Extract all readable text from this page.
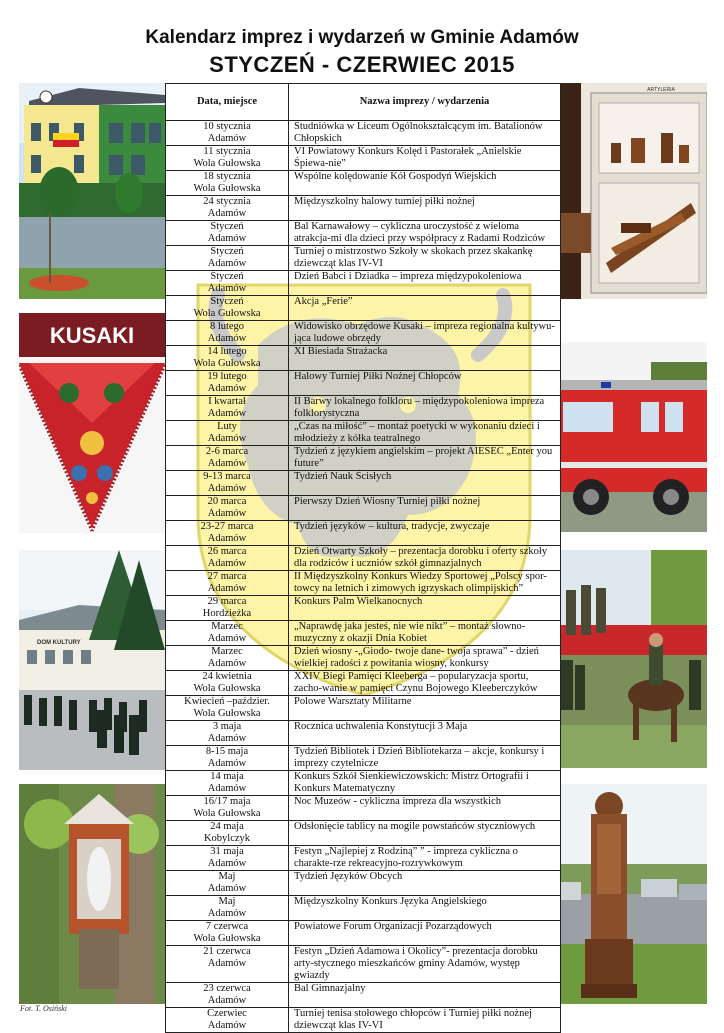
Kalendarz imprez i wydarzeń w Gminie Adamów
STYCZEŃ - CZERWIEC 2015
KUSAKI
DOM KULTURY
ARTYLERIA
Data, miejsce	Nazwa imprezy / wydarzenia

10 stycznia
Adamów	Studniówka w Liceum Ogólnokształcącym im. Batalionów Chłopskich

11 stycznia
Wola Gułowska	VI Powiatowy Konkurs Kolęd i Pastorałek „Anielskie Śpiewa-nie”

18 stycznia
Wola Gułowska	Wspólne kolędowanie Kół Gospodyń Wiejskich

24 stycznia
Adamów	Międzyszkolny halowy turniej piłki nożnej

Styczeń
Adamów	Bal Karnawałowy – cykliczna uroczystość z wieloma atrakcja-mi dla dzieci przy współpracy z Radami Rodziców

Styczeń
Adamów	Turniej o mistrzostwo Szkoły w skokach przez skakankę dziewcząt klas IV-VI

Styczeń
Adamów	Dzień Babci i Dziadka – impreza międzypokoleniowa

Styczeń
Wola Gułowska	Akcja „Ferie”

8 lutego
Adamów	Widowisko obrzędowe Kusaki – impreza regionalna kultywu-jąca ludowe obrzędy

14 lutego
Wola Gułowska	XI Biesiada Strażacka

19 lutego
Adamów	Halowy Turniej Piłki Nożnej Chłopców

I kwartał
Adamów	II Barwy lokalnego folkloru – międzypokoleniowa impreza folklorystyczna

Luty
Adamów	„Czas na miłość” – montaż poetycki w wykonaniu dzieci i młodzieży z kółka teatralnego

2-6 marca
Adamów	Tydzień z językiem angielskim – projekt AIESEC „Enter you future”

9-13 marca
Adamów	Tydzień Nauk Ścisłych

20 marca
Adamów	Pierwszy Dzień Wiosny Turniej piłki nożnej

23-27 marca
Adamów	Tydzień języków – kultura, tradycje, zwyczaje

26 marca
Adamów	Dzień Otwarty Szkoły – prezentacja dorobku i oferty szkoły dla rodziców i uczniów szkół gimnazjalnych

27 marca
Adamów	II Międzyszkolny Konkurs Wiedzy Sportowej „Polscy spor-towcy na letnich i zimowych igrzyskach olimpijskich”

29 marca
Hordzieżka	Konkurs Palm Wielkanocnych

Marzec
Adamów	„Naprawdę jaka jesteś, nie wie nikt” – montaż słowno-muzyczny z okazji Dnia Kobiet

Marzec
Adamów	Dzień wiosny -„Giodo- twoje dane- twoja sprawa” - dzień wielkiej radości z powitania wiosny, konkursy

24 kwietnia
Wola Gułowska	XXIV Biegi Pamięci Kleeberga – popularyzacja sportu, zacho-wanie w pamięci Czynu Bojowego Kleeberczyków

Kwiecień –paździer.
Wola Gułowska	Polowe Warsztaty Militarne

3 maja
Adamów	Rocznica uchwalenia Konstytucji 3 Maja

8-15 maja
Adamów	Tydzień Bibliotek i Dzień Bibliotekarza – akcje, konkursy i imprezy czytelnicze

14 maja
Adamów	Konkurs Szkół Sienkiewiczowskich: Mistrz Ortografii i Konkurs Matematyczny

16/17 maja
Wola Gułowska	Noc Muzeów - cykliczna impreza dla wszystkich

24 maja
Kobylczyk	Odsłonięcie tablicy na mogile powstańców styczniowych

31 maja
Adamów	Festyn „Najlepiej z Rodziną” ” - impreza cykliczna o charakte-rze rekreacyjno-rozrywkowym

Maj
Adamów	Tydzień Języków Obcych

Maj
Adamów	Międzyszkolny Konkurs Języka Angielskiego

7 czerwca
Wola Gułowska	Powiatowe Forum Organizacji Pozarządowych

21 czerwca
Adamów	Festyn „Dzień Adamowa i Okolicy”- prezentacja dorobku arty-stycznego mieszkańców gminy Adamów, występ gwiazdy

23 czerwca
Adamów	Bal Gimnazjalny

Czerwiec
Adamów	Turniej tenisa stołowego chłopców i Turniej piłki nożnej dziewcząt klas IV-VI
Fot. T. Osiński
